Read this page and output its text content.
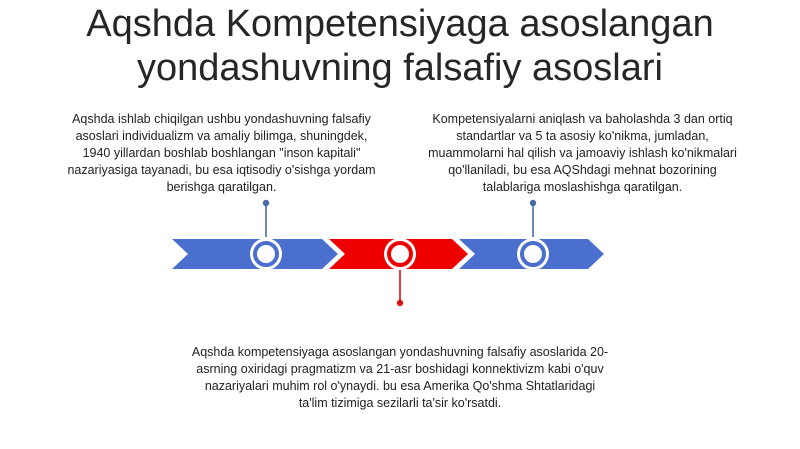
Aqshda Kompetensiyaga asoslangan
yondashuvning falsafiy asoslari

Aqshda ishlab chiqilgan ushbu yondashuvning falsafiy
asoslari individualizm va amaliy bilimga, shuningdek,
1940 yillardan boshlab boshlangan "inson kapitali"
nazariyasiga tayanadi, bu esa iqtisodiy o'sishga yordam
berishga qaratilgan.

Kompetensiyalarni aniqlash va baholashda 3 dan ortiq
standartlar va 5 ta asosiy ko'nikma, jumladan,
muammolarni hal qilish va jamoaviy ishlash ko'nikmalari
qo'llaniladi, bu esa AQShdagi mehnat bozorining
talablariga moslashishga qaratilgan.

Aqshda kompetensiyaga asoslangan yondashuvning falsafiy asoslarida 20-
asrning oxiridagi pragmatizm va 21-asr boshidagi konnektivizm kabi o'quv
nazariyalari muhim rol o'ynaydi. bu esa Amerika Qo'shma Shtatlaridagi
ta'lim tizimiga sezilarli ta'sir ko'rsatdi.
